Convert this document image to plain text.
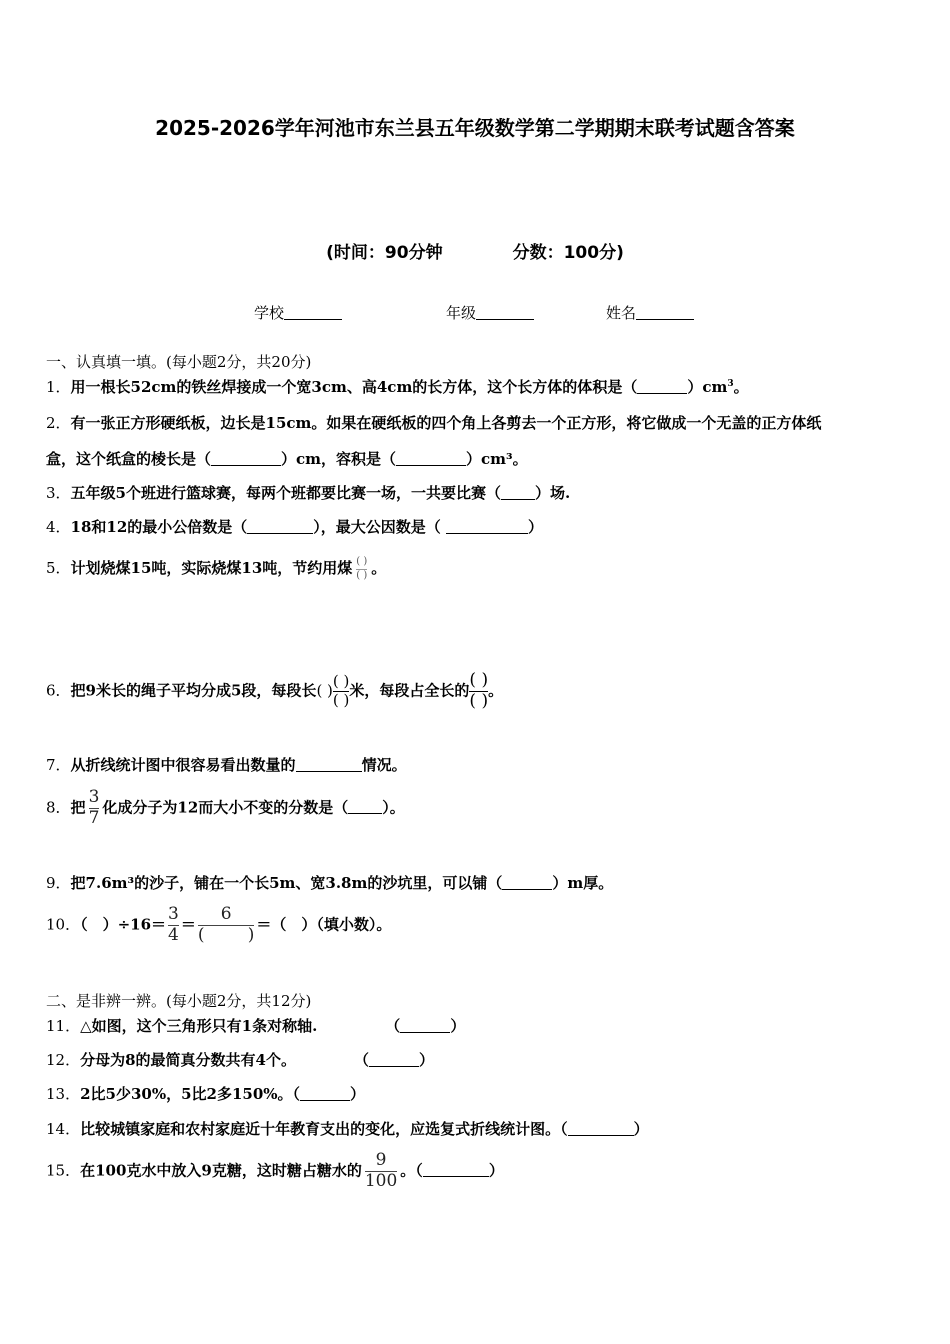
2025-2026学年河池市东兰县五年级数学第二学期期末联考试题含答案
(时间：90分钟	分数：100分)
学校	年级	姓名
一、认真填一填。(每小题2分，共20分)
1．用一根长52cm的铁丝焊接成一个宽3cm、高4cm的长方体，这个长方体的体积是（	）$cm^3$。
2．有一张正方形硬纸板，边长是15cm。如果在硬纸板的四个角上各剪去一个正方形，将它做成一个无盖的正方体纸
盒，这个纸盒的棱长是（	）cm，容积是（	）cm³。
3．五年级5个班进行篮球赛，每两个班都要比赛一场，一共要比赛（ ）场.
4．18和12的最小公倍数是（	），最大公因数是（	）
5．计划烧煤15吨，实际烧煤13吨，节约用煤 $\frac{( )}{( )}$ 。
6．把9米长的绳子平均分成5段，每段长( ) $\frac{( )}{( )}$ 米，每段占全长的 $\frac{( )}{( )}$ 。
7．从折线统计图中很容易看出数量的	情况。
8．把 $\frac{3}{7}$ 化成分子为12而大小不变的分数是（ ）。
9．把7.6m³的沙子，铺在一个长5m、宽3.8m的沙坑里，可以铺（	）m厚。
10．（　）$\div 16= \frac{3}{4} = \frac{6}{( )}$ ＝（　）（填小数）。
二、是非辨一辨。(每小题2分，共12分)
11．△如图，这个三角形只有1条对称轴.	（	）
12．分母为8的最简真分数共有4个。	（	）
13．2比5少30%，5比2多150%。（	）
14．比较城镇家庭和农村家庭近十年教育支出的变化，应选复式折线统计图。（	）
15．在100克水中放入9克糖，这时糖占糖水的 $\frac{9}{100}$ 。（	）
